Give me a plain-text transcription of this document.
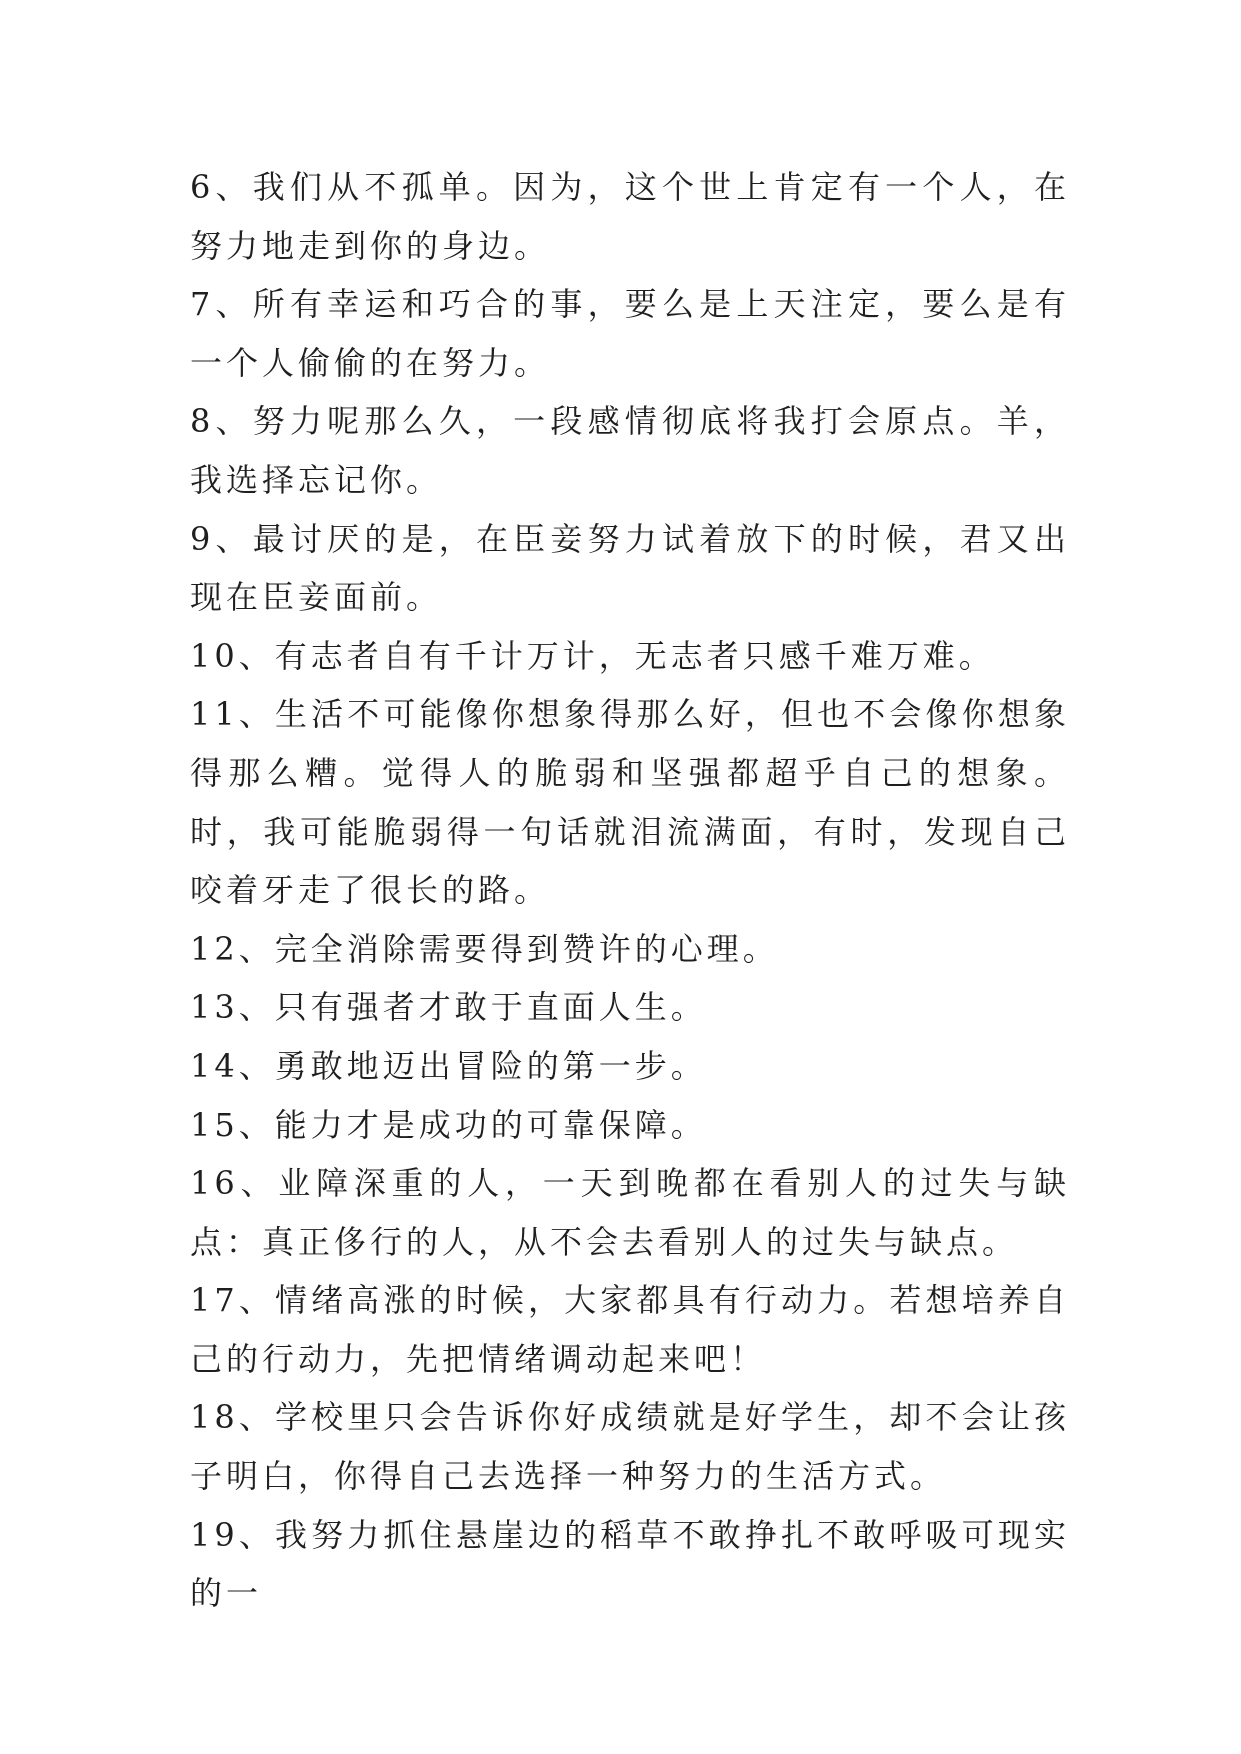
6、我们从不孤单。因为，这个世上肯定有一个人，在努力地走到你的身边。

7、所有幸运和巧合的事，要么是上天注定，要么是有一个人偷偷的在努力。

8、努力呢那么久，一段感情彻底将我打会原点。羊，我选择忘记你。

9、最讨厌的是，在臣妾努力试着放下的时候，君又出现在臣妾面前。

10、有志者自有千计万计，无志者只感千难万难。

11、生活不可能像你想象得那么好，但也不会像你想象得那么糟。觉得人的脆弱和坚强都超乎自己的想象。时，我可能脆弱得一句话就泪流满面，有时，发现自己咬着牙走了很长的路。

12、完全消除需要得到赞许的心理。

13、只有强者才敢于直面人生。

14、勇敢地迈出冒险的第一步。

15、能力才是成功的可靠保障。

16、业障深重的人，一天到晚都在看别人的过失与缺点：真正侈行的人，从不会去看别人的过失与缺点。

17、情绪高涨的时候，大家都具有行动力。若想培养自己的行动力，先把情绪调动起来吧！

18、学校里只会告诉你好成绩就是好学生，却不会让孩子明白，你得自己去选择一种努力的生活方式。

19、我努力抓住悬崖边的稻草不敢挣扎不敢呼吸可现实的一
